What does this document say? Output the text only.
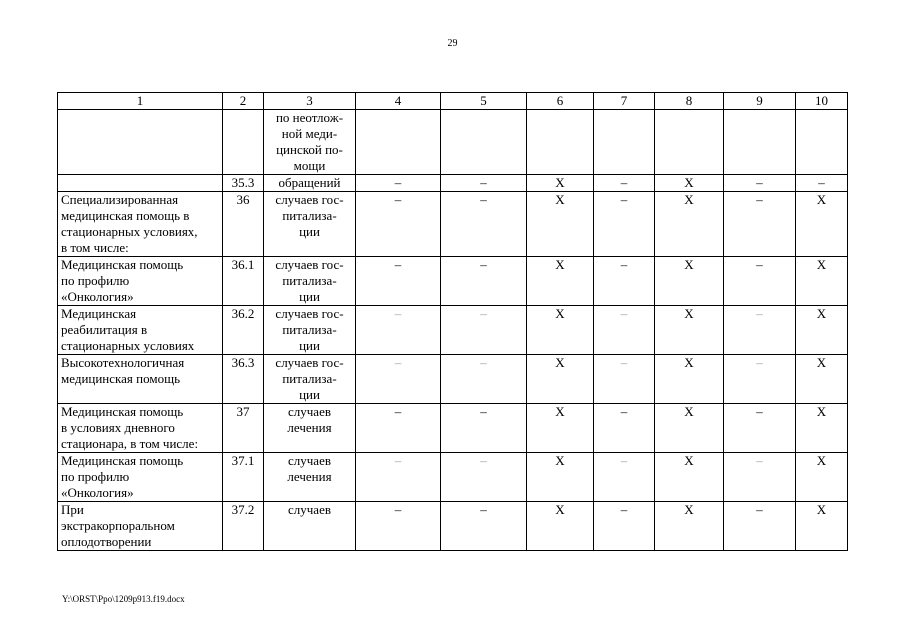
29
1	2	3	4	5	6	7	8	9	10
		по неотлож-
ной меди-
цинской по-
мощи							
	35.3	обращений	–	–	Х	–	Х	–	–
Специализированная
медицинская помощь в
стационарных условиях,
в том числе:	36	случаев гос-
питализа-
ции	–	–	Х	–	Х	–	Х
Медицинская помощь
по профилю
«Онкология»	36.1	случаев гос-
питализа-
ции	–	–	Х	–	Х	–	Х
Медицинская
реабилитация в
стационарных условиях	36.2	случаев гос-
питализа-
ции	–	–	Х	–	Х	–	Х
Высокотехнологичная
медицинская помощь	36.3	случаев гос-
питализа-
ции	–	–	Х	–	Х	–	Х
Медицинская помощь
в условиях дневного
стационара, в том числе:	37	случаев
лечения	–	–	Х	–	Х	–	Х
Медицинская помощь
по профилю
«Онкология»	37.1	случаев
лечения	–	–	Х	–	Х	–	Х
При
экстракорпоральном
оплодотворении	37.2	случаев	–	–	Х	–	Х	–	Х
Y:\ORST\Ppo\1209p913.f19.docx
